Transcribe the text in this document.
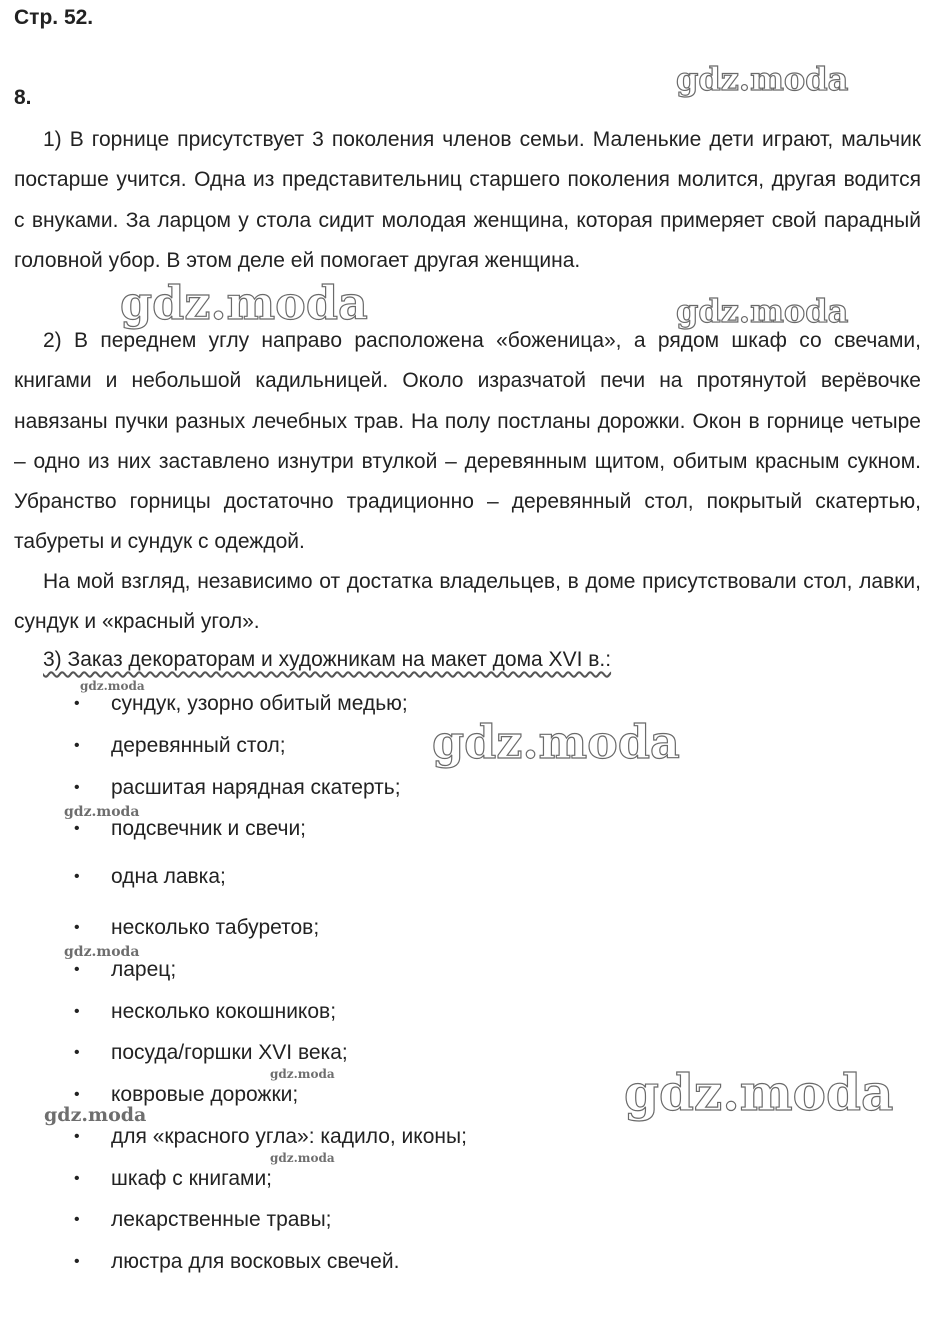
Стр. 52.
8.
1) В горнице присутствует 3 поколения членов семьи. Маленькие дети играют, мальчик постарше учится. Одна из представительниц старшего поколения молится, другая водится с внуками. За ларцом у стола сидит молодая женщина, которая примеряет свой парадный головной убор. В этом деле ей помогает другая женщина.
2) В переднем углу направо расположена «боженица», а рядом шкаф со свечами, книгами и небольшой кадильницей. Около изразчатой печи на протянутой верёвочке навязаны пучки разных лечебных трав. На полу постланы дорожки. Окон в горнице четыре – одно из них заставлено изнутри втулкой – деревянным щитом, обитым красным сукном. Убранство горницы достаточно традиционно – деревянный стол, покрытый скатертью, табуреты и сундук с одеждой.
На мой взгляд, независимо от достатка владельцев, в доме присутствовали стол, лавки, сундук и «красный угол».
3) Заказ декораторам и художникам на макет дома XVI в.:
• сундук, узорно обитый медью;
• деревянный стол;
• расшитая нарядная скатерть;
• подсвечник и свечи;
• одна лавка;
• несколько табуретов;
• ларец;
• несколько кокошников;
• посуда/горшки XVI века;
• ковровые дорожки;
• для «красного угла»: кадило, иконы;
• шкаф с книгами;
• лекарственные травы;
• люстра для восковых свечей.
gdz.moda
gdz.moda	gdz.moda
gdz.moda
gdz.moda
gdz.moda
gdz.moda
gdz.moda
gdz.moda
gdz.moda
gdz.moda
